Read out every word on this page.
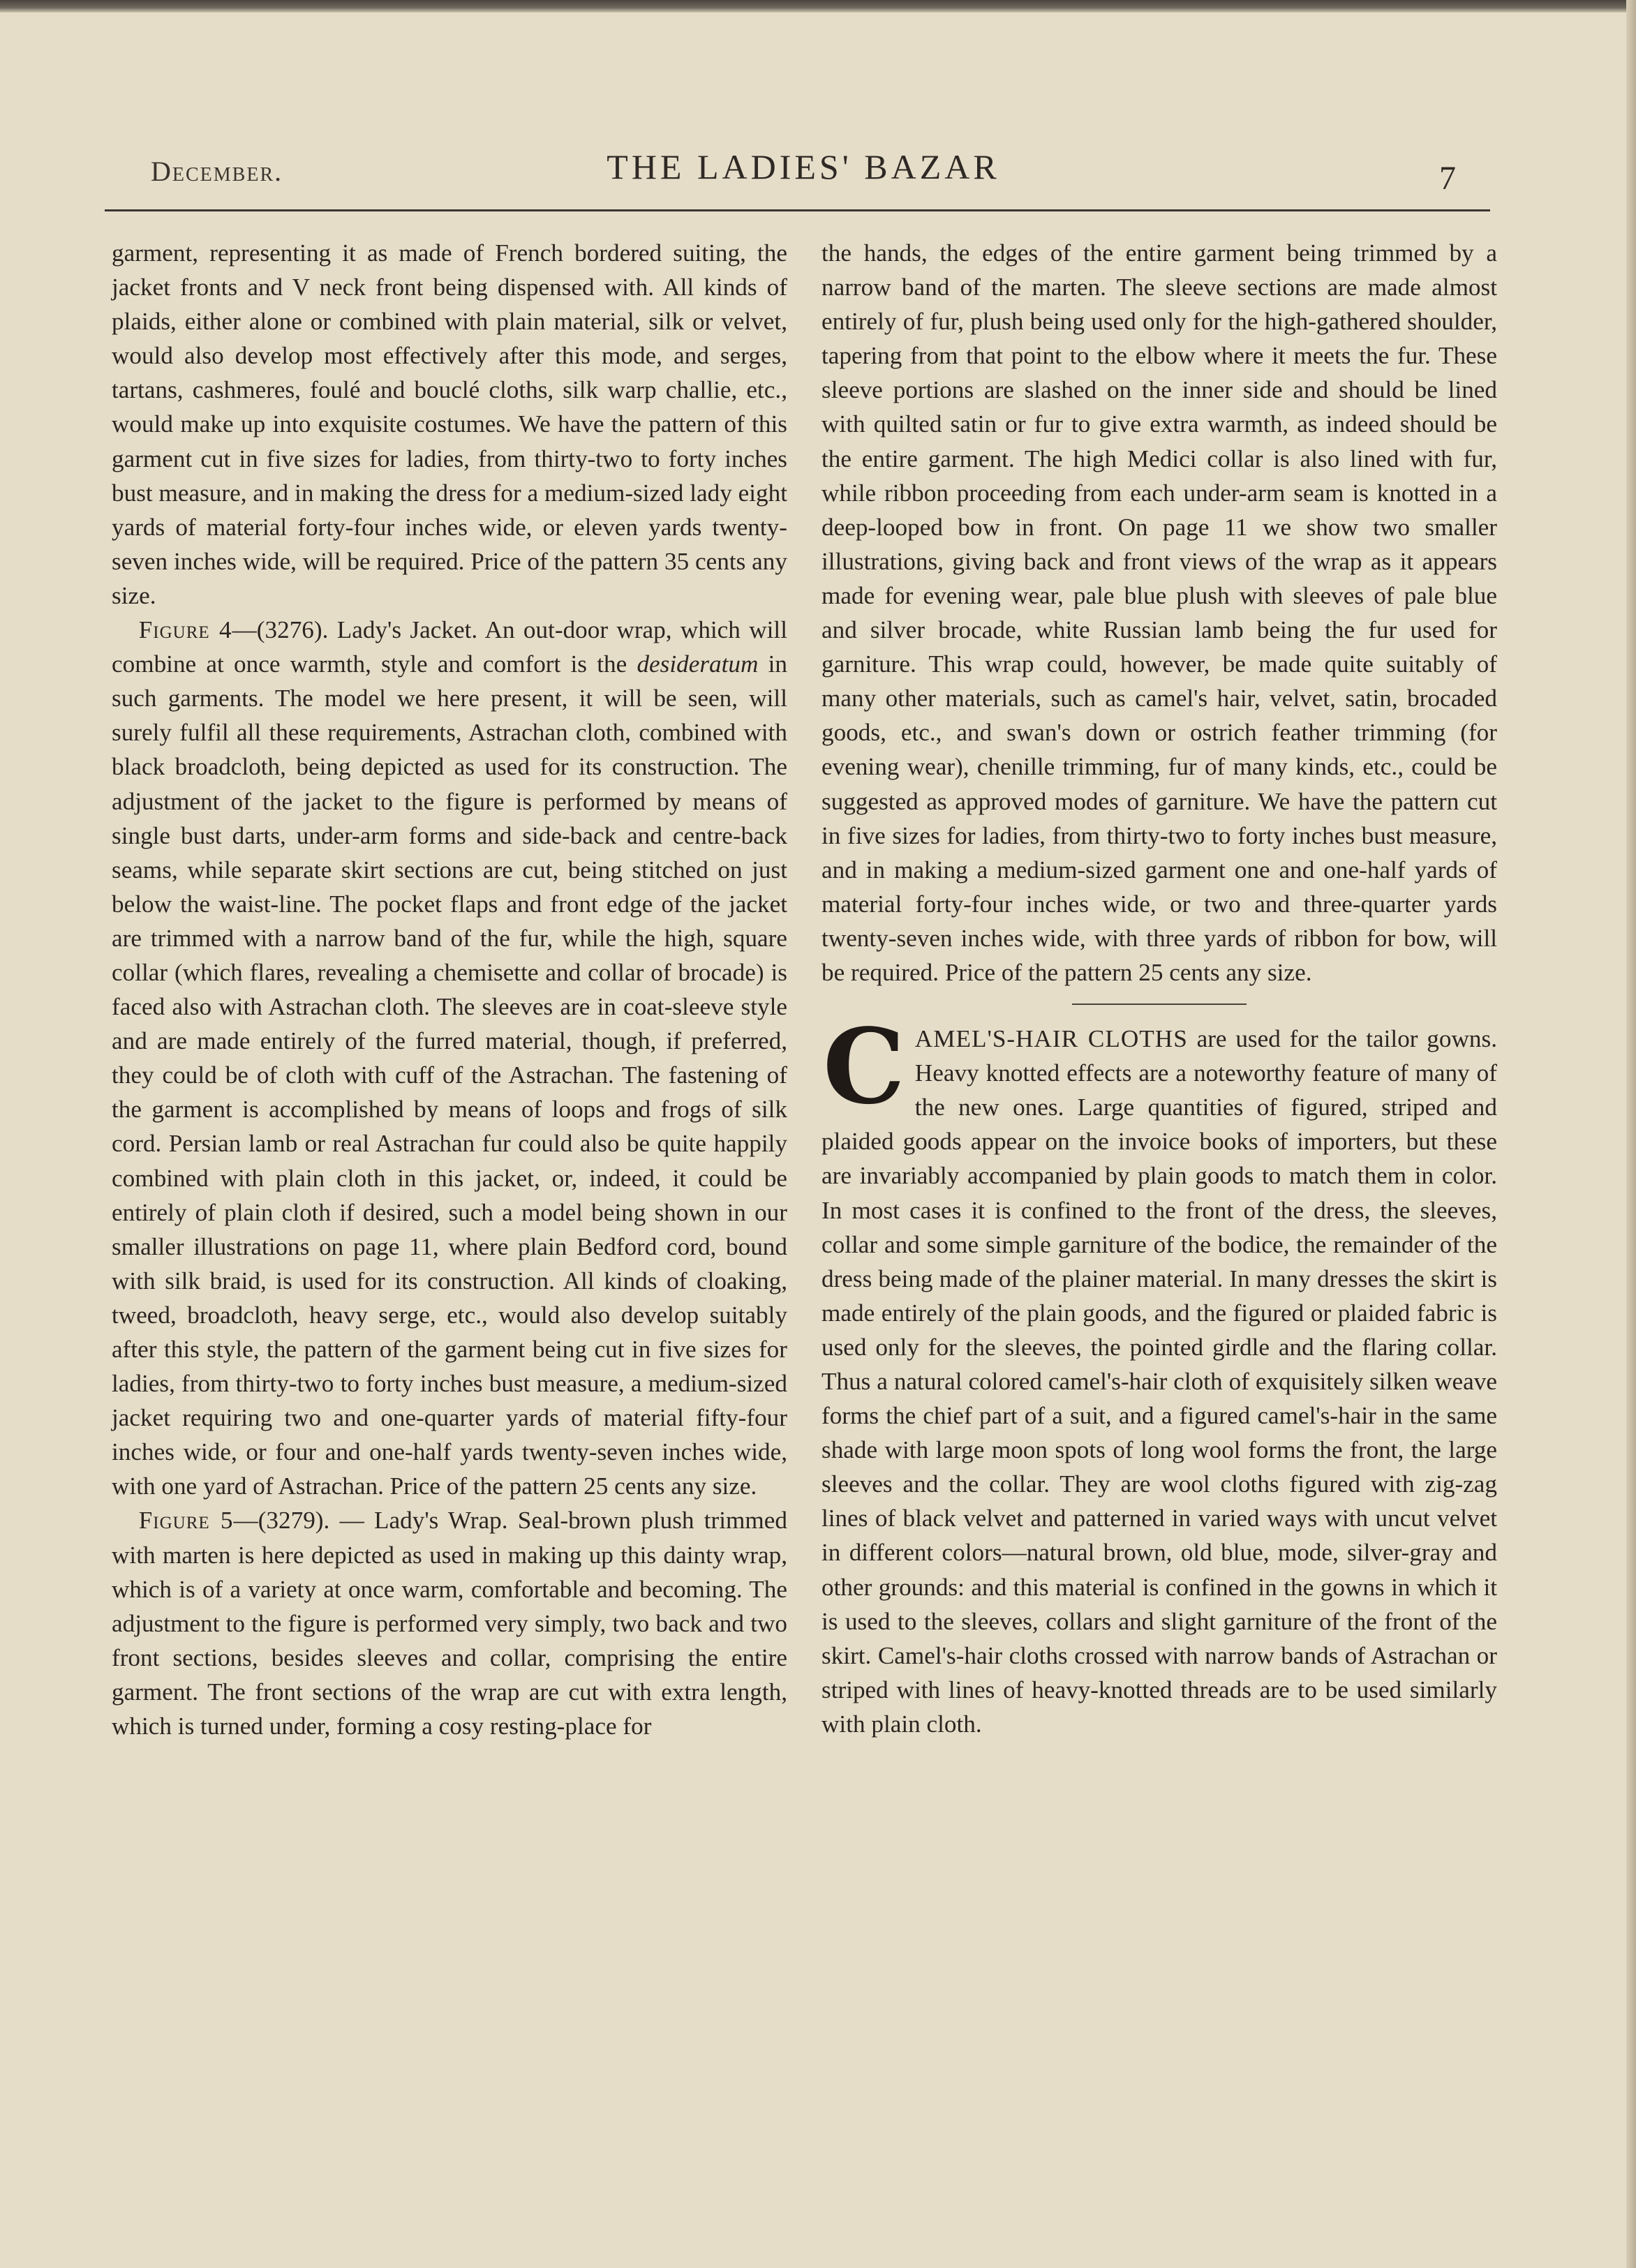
December.	THE LADIES' BAZAR	7

garment, representing it as made of French bordered suiting, the jacket fronts and V neck front being dispensed with. All kinds of plaids, either alone or combined with plain material, silk or velvet, would also develop most effectively after this mode, and serges, tartans, cashmeres, foulé and bouclé cloths, silk warp challie, etc., would make up into exquisite costumes. We have the pattern of this garment cut in five sizes for ladies, from thirty-two to forty inches bust measure, and in making the dress for a medium-sized lady eight yards of material forty-four inches wide, or eleven yards twenty-seven inches wide, will be required. Price of the pattern 35 cents any size.

Figure 4—(3276). Lady's Jacket. An out-door wrap, which will combine at once warmth, style and comfort is the desideratum in such garments. The model we here present, it will be seen, will surely fulfil all these requirements, Astrachan cloth, combined with black broadcloth, being depicted as used for its construction. The adjustment of the jacket to the figure is performed by means of single bust darts, under-arm forms and side-back and centre-back seams, while separate skirt sections are cut, being stitched on just below the waist-line. The pocket flaps and front edge of the jacket are trimmed with a narrow band of the fur, while the high, square collar (which flares, revealing a chemisette and collar of brocade) is faced also with Astrachan cloth. The sleeves are in coat-sleeve style and are made entirely of the furred material, though, if preferred, they could be of cloth with cuff of the Astrachan. The fastening of the garment is accomplished by means of loops and frogs of silk cord. Persian lamb or real Astrachan fur could also be quite happily combined with plain cloth in this jacket, or, indeed, it could be entirely of plain cloth if desired, such a model being shown in our smaller illustrations on page 11, where plain Bedford cord, bound with silk braid, is used for its construction. All kinds of cloaking, tweed, broadcloth, heavy serge, etc., would also develop suitably after this style, the pattern of the garment being cut in five sizes for ladies, from thirty-two to forty inches bust measure, a medium-sized jacket requiring two and one-quarter yards of material fifty-four inches wide, or four and one-half yards twenty-seven inches wide, with one yard of Astrachan. Price of the pattern 25 cents any size.

Figure 5—(3279). — Lady's Wrap. Seal-brown plush trimmed with marten is here depicted as used in making up this dainty wrap, which is of a variety at once warm, comfortable and becoming. The adjustment to the figure is performed very simply, two back and two front sections, besides sleeves and collar, comprising the entire garment. The front sections of the wrap are cut with extra length, which is turned under, forming a cosy resting-place for

the hands, the edges of the entire garment being trimmed by a narrow band of the marten. The sleeve sections are made almost entirely of fur, plush being used only for the high-gathered shoulder, tapering from that point to the elbow where it meets the fur. These sleeve portions are slashed on the inner side and should be lined with quilted satin or fur to give extra warmth, as indeed should be the entire garment. The high Medici collar is also lined with fur, while ribbon proceeding from each under-arm seam is knotted in a deep-looped bow in front. On page 11 we show two smaller illustrations, giving back and front views of the wrap as it appears made for evening wear, pale blue plush with sleeves of pale blue and silver brocade, white Russian lamb being the fur used for garniture. This wrap could, however, be made quite suitably of many other materials, such as camel's hair, velvet, satin, brocaded goods, etc., and swan's down or ostrich feather trimming (for evening wear), chenille trimming, fur of many kinds, etc., could be suggested as approved modes of garniture. We have the pattern cut in five sizes for ladies, from thirty-two to forty inches bust measure, and in making a medium-sized garment one and one-half yards of material forty-four inches wide, or two and three-quarter yards twenty-seven inches wide, with three yards of ribbon for bow, will be required. Price of the pattern 25 cents any size.

CAMEL'S-HAIR CLOTHS are used for the tailor gowns. Heavy knotted effects are a noteworthy feature of many of the new ones. Large quantities of figured, striped and plaided goods appear on the invoice books of importers, but these are invariably accompanied by plain goods to match them in color. In most cases it is confined to the front of the dress, the sleeves, collar and some simple garniture of the bodice, the remainder of the dress being made of the plainer material. In many dresses the skirt is made entirely of the plain goods, and the figured or plaided fabric is used only for the sleeves, the pointed girdle and the flaring collar. Thus a natural colored camel's-hair cloth of exquisitely silken weave forms the chief part of a suit, and a figured camel's-hair in the same shade with large moon spots of long wool forms the front, the large sleeves and the collar. They are wool cloths figured with zig-zag lines of black velvet and patterned in varied ways with uncut velvet in different colors—natural brown, old blue, mode, silver-gray and other grounds: and this material is confined in the gowns in which it is used to the sleeves, collars and slight garniture of the front of the skirt. Camel's-hair cloths crossed with narrow bands of Astrachan or striped with lines of heavy-knotted threads are to be used similarly with plain cloth.
